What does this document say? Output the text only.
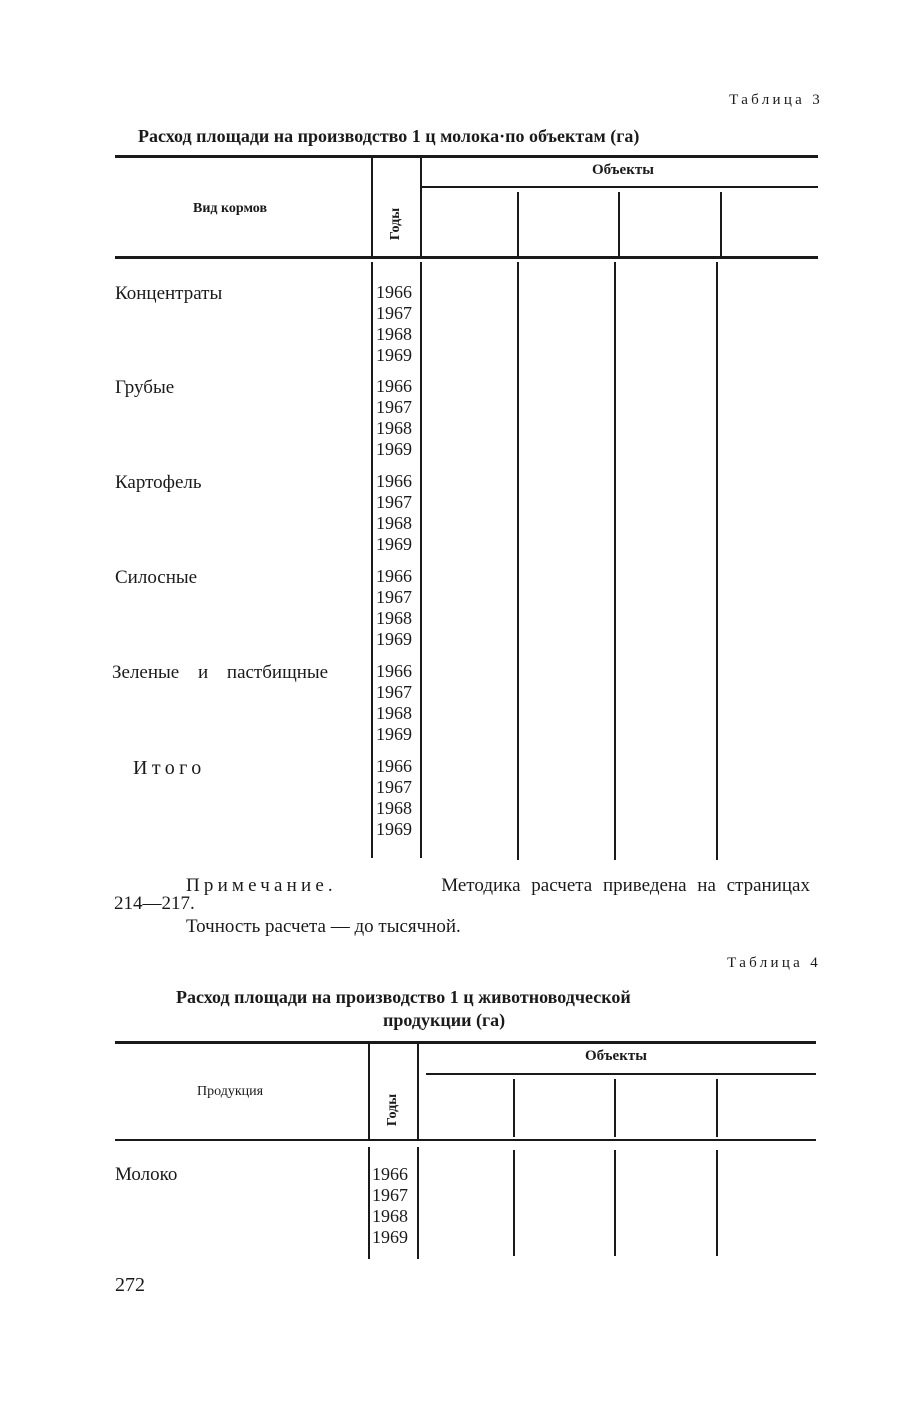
Таблица 3
Расход площади на производство 1 ц молока·по объектам (га)
Вид кормов	Годы
Объекты
Концентраты	1966
1967
1968
1969
Грубые	1966
1967
1968
1969
Картофель	1966
1967
1968
1969
Силосные	1966
1967
1968
1969
Зеленые и пастбищные	1966
1967
1968
1969
Итого	1966
1967
1968
1969
Примечание.	Методика расчета приведена на страницах
214—217.
Точность расчета — до тысячной.
Таблица 4
Расход площади на производство 1 ц животноводческой
продукции (га)
Продукция
Годы
Объекты
Молоко	1966
1967
1968
1969
272
